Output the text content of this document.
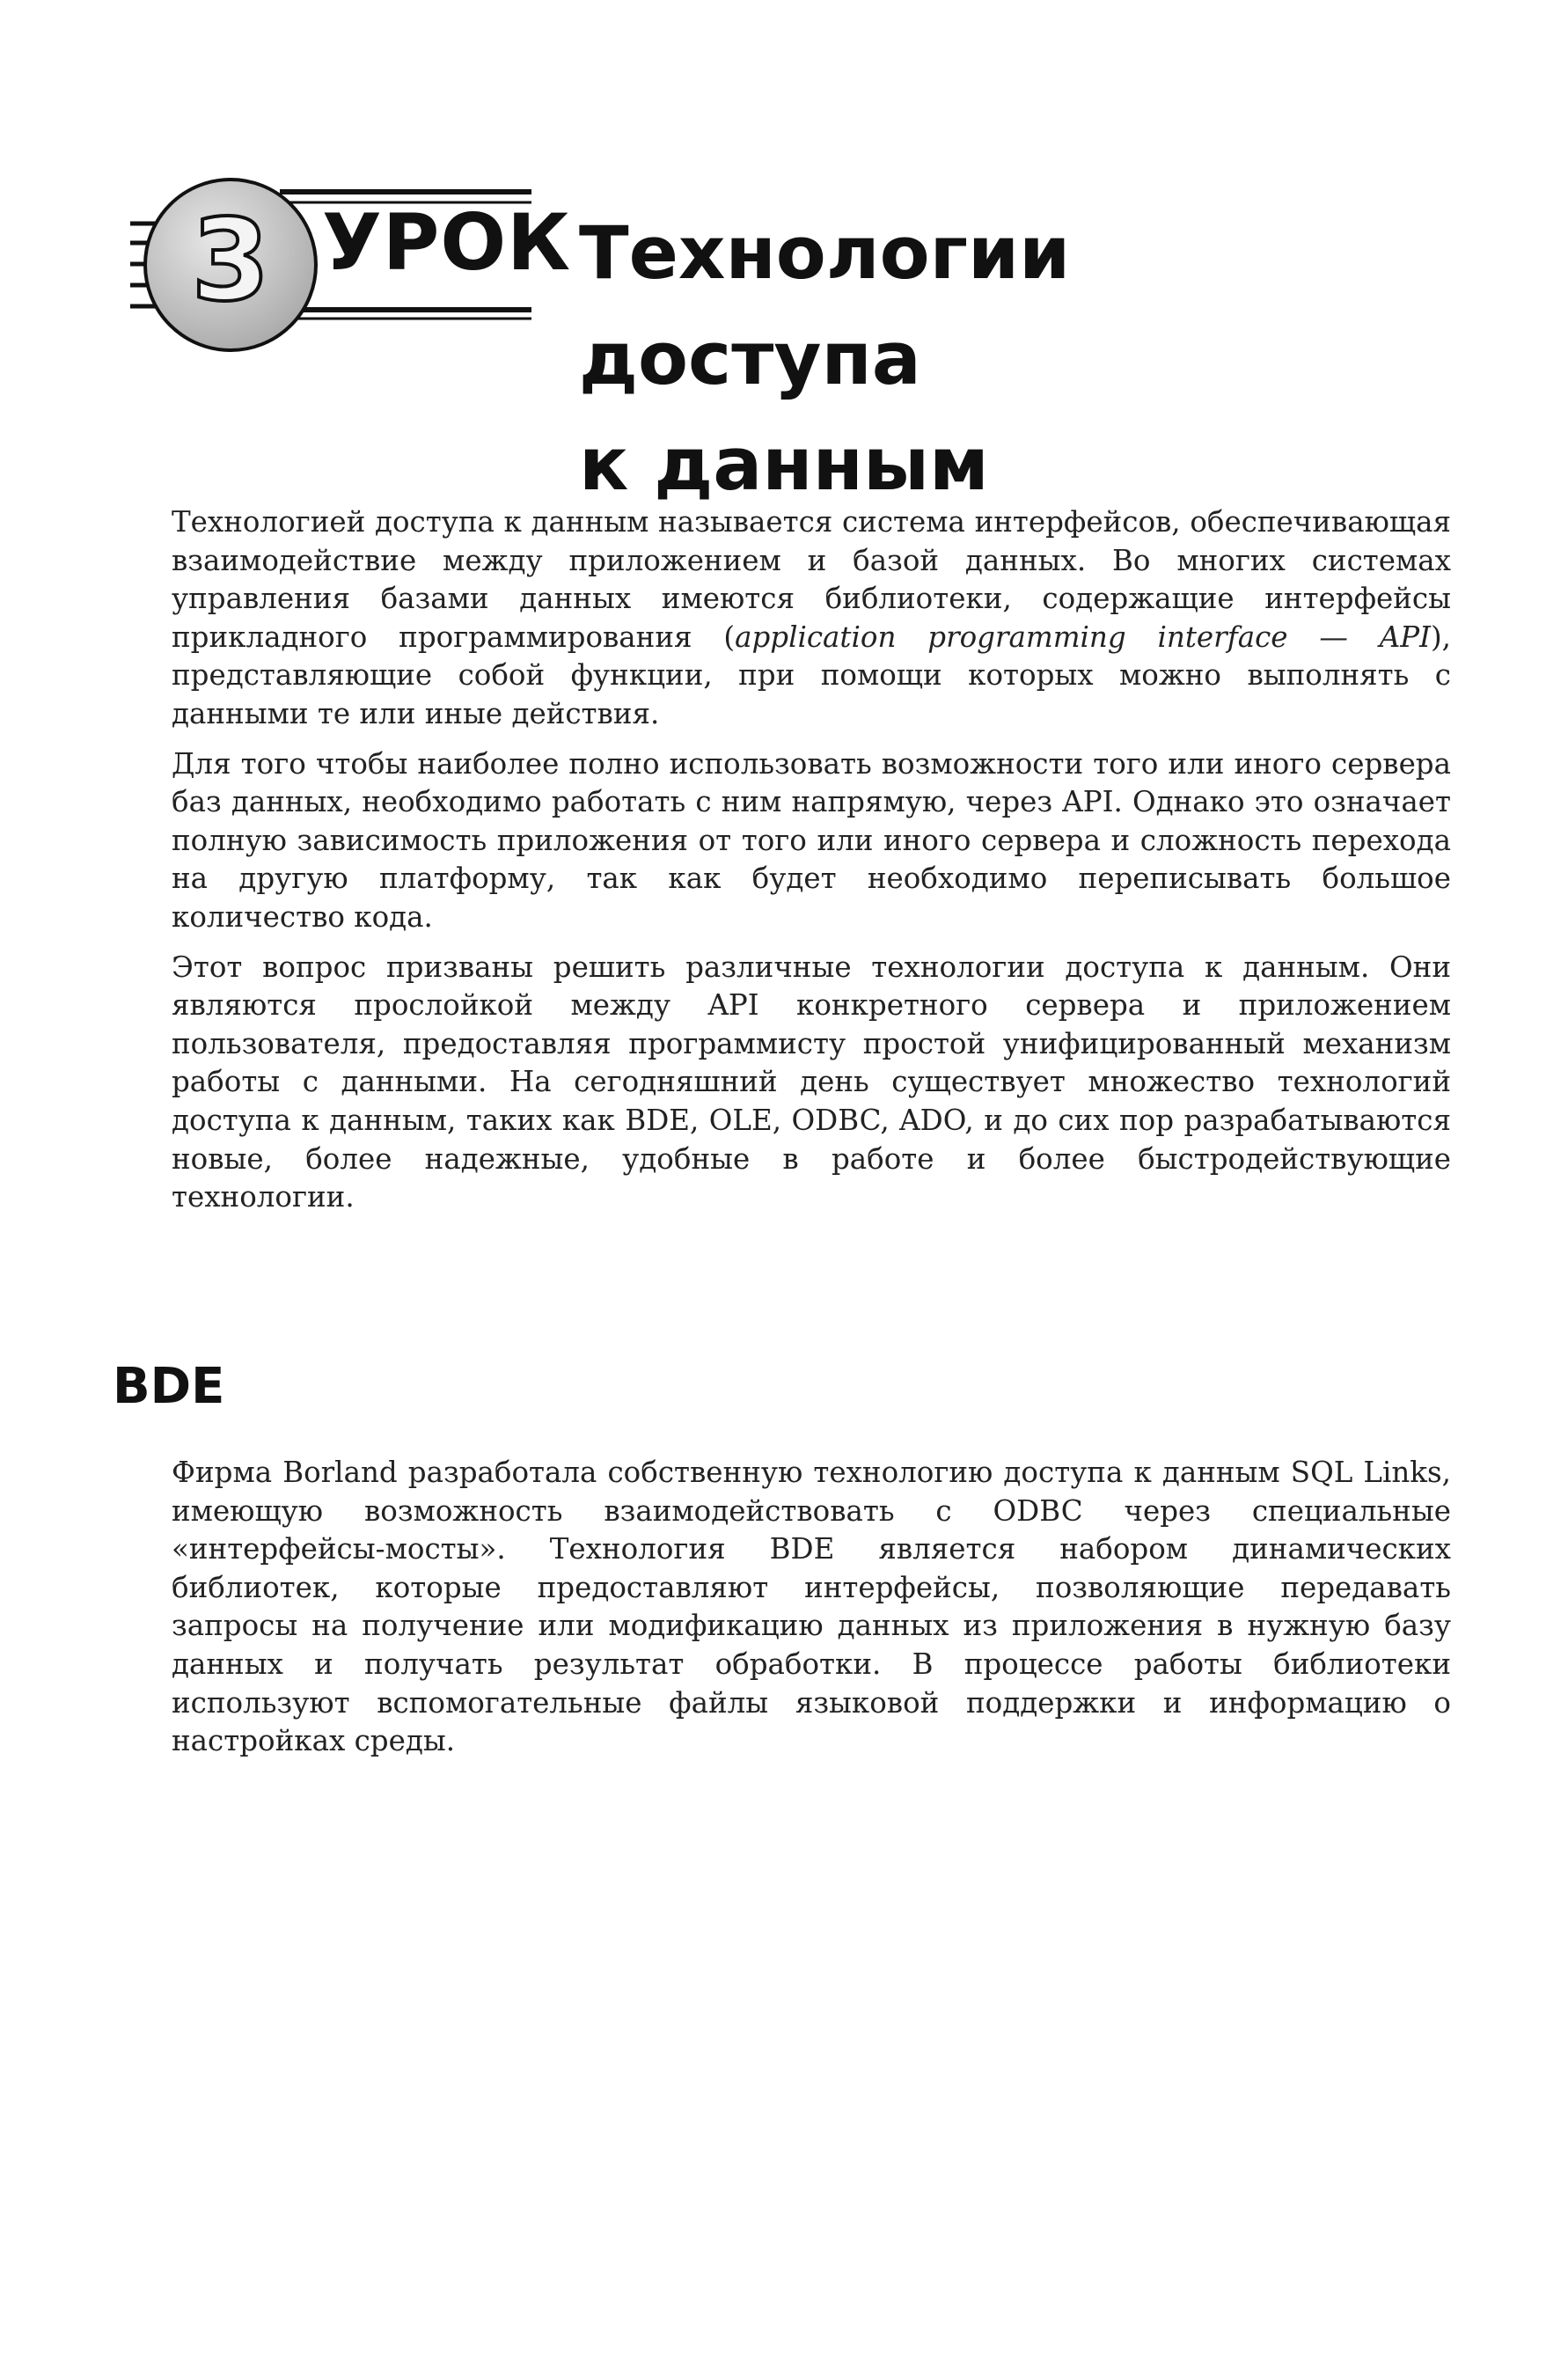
3 УРОК Технологии доступа
к данным

Технологией доступа к данным называется система интерфейсов, обеспечивающая взаимодействие между приложением и базой данных. Во многих системах управления базами данных имеются библиотеки, содержащие интерфейсы прикладного программирования (application programming interface — API), представляющие собой функции, при помощи которых можно выполнять с данными те или иные действия.

Для того чтобы наиболее полно использовать возможности того или иного сервера баз данных, необходимо работать с ним напрямую, через API. Однако это означает полную зависимость приложения от того или иного сервера и сложность перехода на другую платформу, так как будет необходимо переписывать большое количество кода.

Этот вопрос призваны решить различные технологии доступа к данным. Они являются прослойкой между API конкретного сервера и приложением пользователя, предоставляя программисту простой унифицированный механизм работы с данными. На сегодняшний день существует множество технологий доступа к данным, таких как BDE, OLE, ODBC, ADO, и до сих пор разрабатываются новые, более надежные, удобные в работе и более быстродействующие технологии.

BDE

Фирма Borland разработала собственную технологию доступа к данным SQL Links, имеющую возможность взаимодействовать с ODBC через специальные «интерфейсы-мосты». Технология BDE является набором динамических библиотек, которые предоставляют интерфейсы, позволяющие передавать запросы на получение или модификацию данных из приложения в нужную базу данных и получать результат обработки. В процессе работы библиотеки используют вспомогательные файлы языковой поддержки и информацию о настройках среды.
